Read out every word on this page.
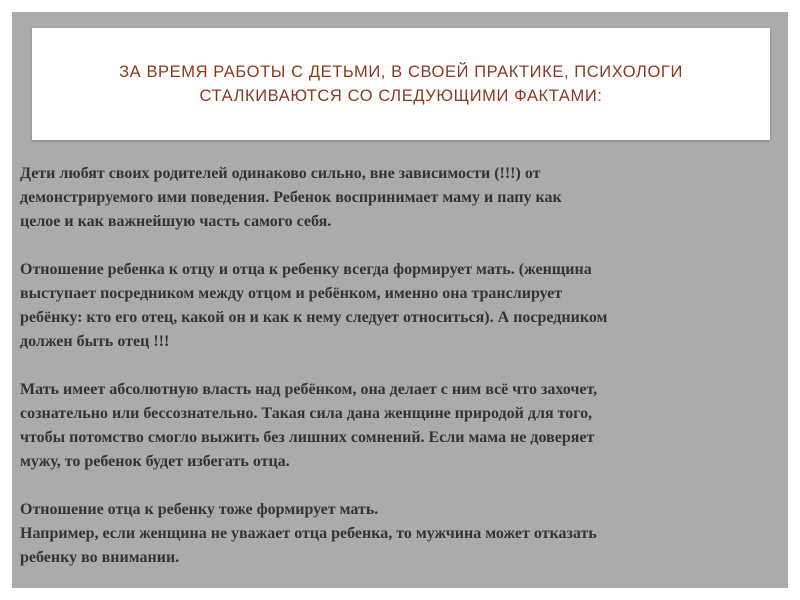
ЗА ВРЕМЯ РАБОТЫ С ДЕТЬМИ, В СВОЕЙ ПРАКТИКЕ, ПСИХОЛОГИ СТАЛКИВАЮТСЯ СО СЛЕДУЮЩИМИ ФАКТАМИ:

Дети любят своих родителей одинаково сильно, вне зависимости (!!!) от
демонстрируемого ими поведения. Ребенок воспринимает маму и папу как
целое и как важнейшую часть самого себя.

Отношение ребенка к отцу и отца к ребенку всегда формирует мать. (женщина
выступает посредником между отцом и ребёнком, именно она транслирует
ребёнку: кто его отец, какой он и как к нему следует относиться). А посредником
должен быть отец !!!

Мать имеет абсолютную власть над ребёнком, она делает с ним всё что захочет,
сознательно или бессознательно. Такая сила дана женщине природой для того,
чтобы потомство смогло выжить без лишних сомнений. Если мама не доверяет
мужу, то ребенок будет избегать отца.

Отношение отца к ребенку тоже формирует мать.
Например, если женщина не уважает отца ребенка, то мужчина может отказать
ребенку во внимании.
